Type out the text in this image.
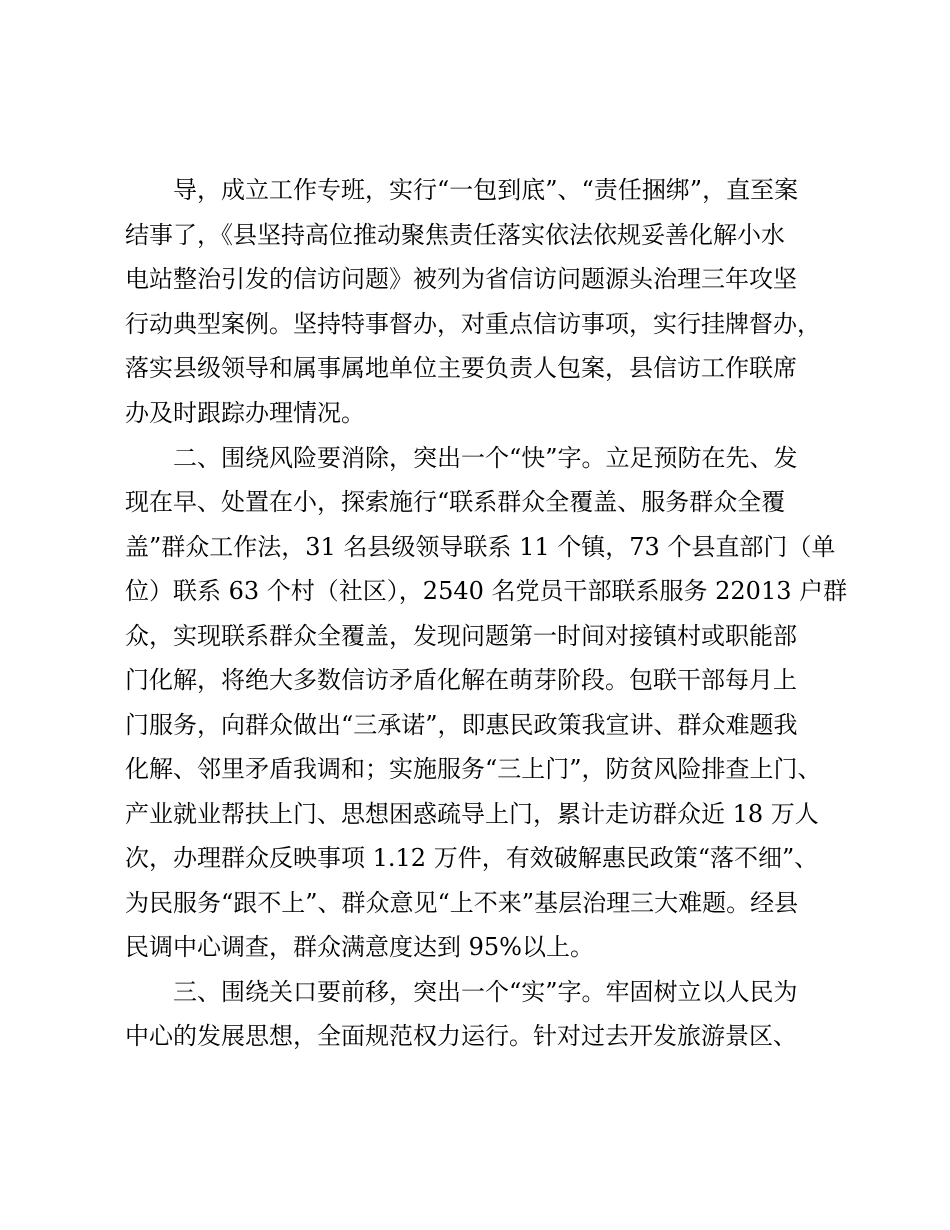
导，成立工作专班，实行“一包到底”、“责任捆绑”，直至案
结事了，《县坚持高位推动聚焦责任落实依法依规妥善化解小水
电站整治引发的信访问题》被列为省信访问题源头治理三年攻坚
行动典型案例。坚持特事督办，对重点信访事项，实行挂牌督办，
落实县级领导和属事属地单位主要负责人包案，县信访工作联席
办及时跟踪办理情况。
二、围绕风险要消除，突出一个“快”字。立足预防在先、发
现在早、处置在小，探索施行“联系群众全覆盖、服务群众全覆
盖”群众工作法，31 名县级领导联系 11 个镇，73 个县直部门（单
位）联系 63 个村（社区），2540 名党员干部联系服务 22013 户群
众，实现联系群众全覆盖，发现问题第一时间对接镇村或职能部
门化解，将绝大多数信访矛盾化解在萌芽阶段。包联干部每月上
门服务，向群众做出“三承诺”，即惠民政策我宣讲、群众难题我
化解、邻里矛盾我调和；实施服务“三上门”，防贫风险排查上门、
产业就业帮扶上门、思想困惑疏导上门，累计走访群众近 18 万人
次，办理群众反映事项 1.12 万件，有效破解惠民政策“落不细”、
为民服务“跟不上”、群众意见“上不来”基层治理三大难题。经县
民调中心调查，群众满意度达到 95%以上。
三、围绕关口要前移，突出一个“实”字。牢固树立以人民为
中心的发展思想，全面规范权力运行。针对过去开发旅游景区、
